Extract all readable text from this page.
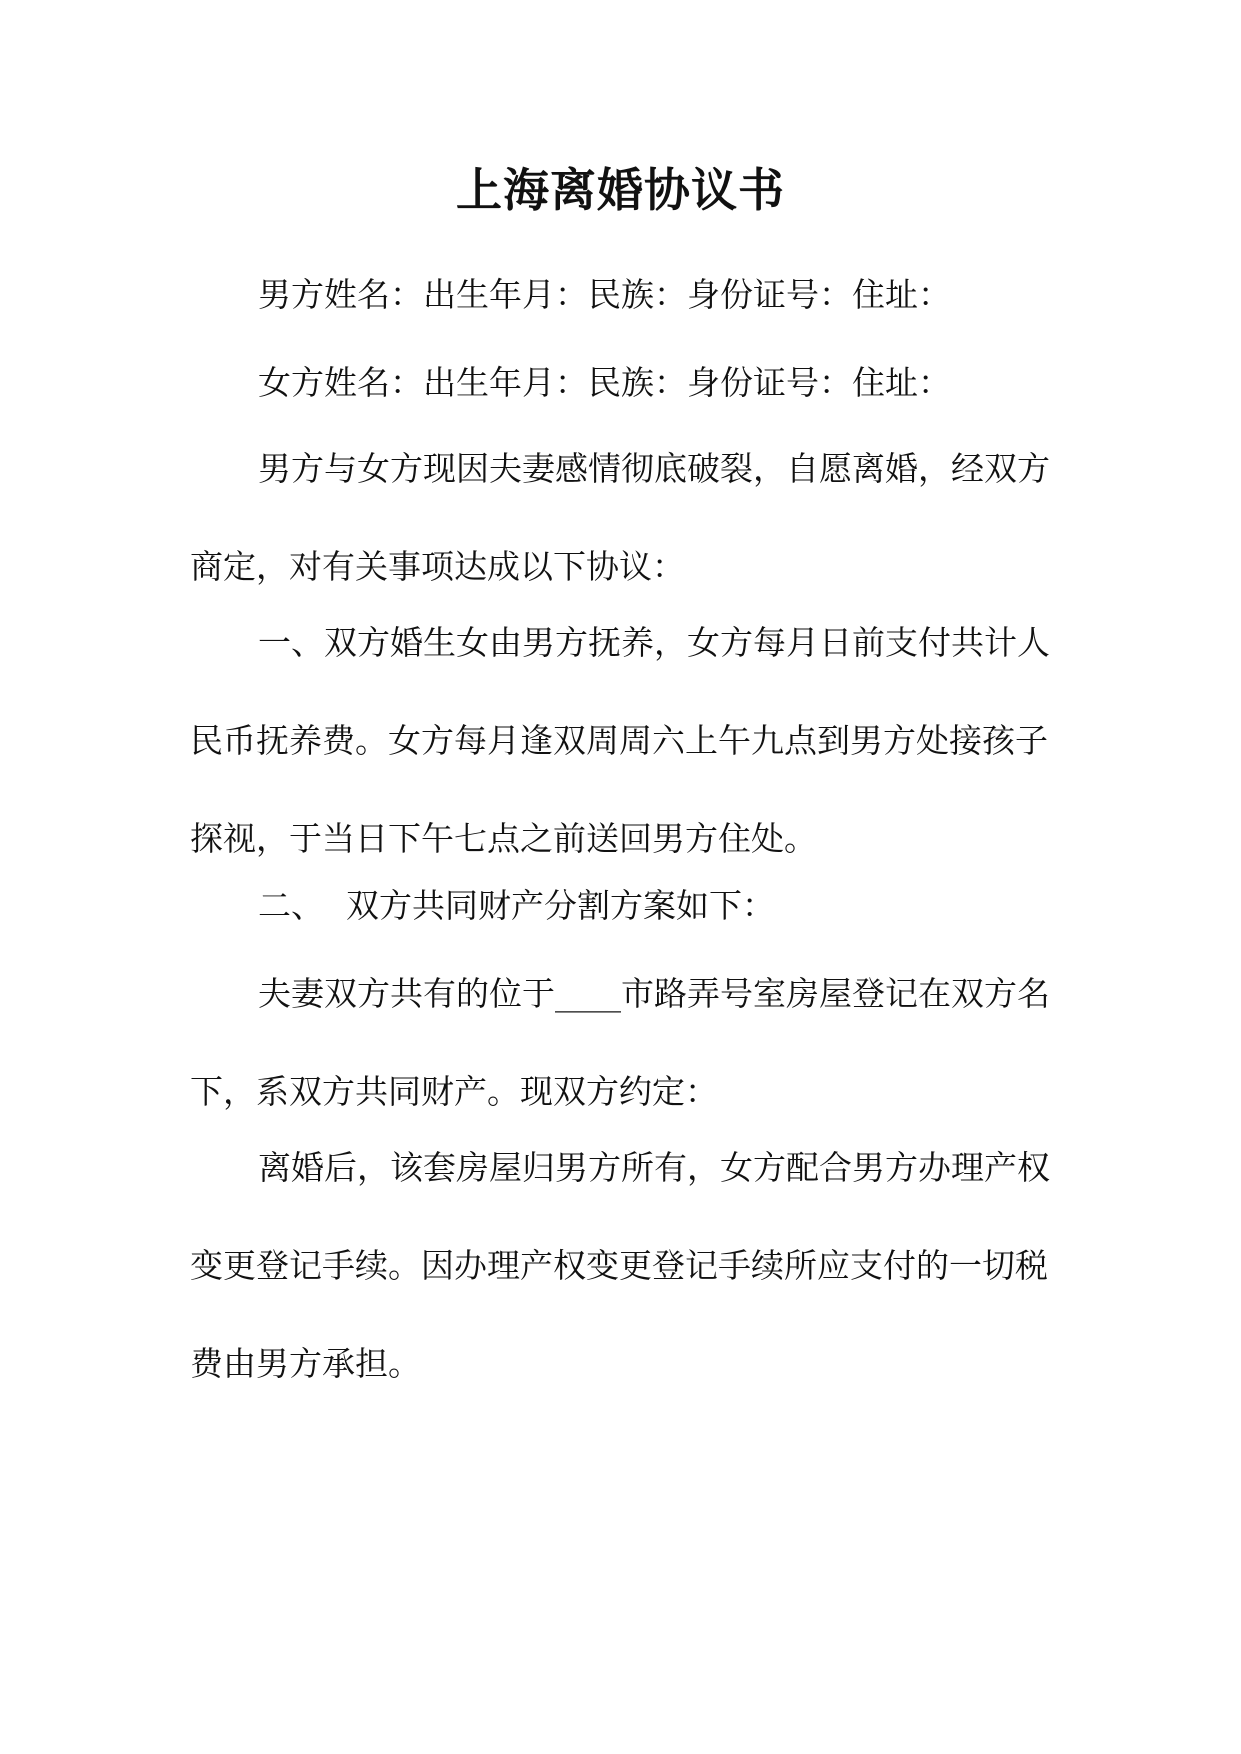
上海离婚协议书
男方姓名：出生年月：民族：身份证号：住址：
女方姓名：出生年月：民族：身份证号：住址：
男方与女方现因夫妻感情彻底破裂，自愿离婚，经双方商定，对有关事项达成以下协议：
一、双方婚生女由男方抚养，女方每月日前支付共计人民币抚养费。女方每月逢双周周六上午九点到男方处接孩子探视，于当日下午七点之前送回男方住处。
二、 双方共同财产分割方案如下：
夫妻双方共有的位于____市路弄号室房屋登记在双方名下，系双方共同财产。现双方约定：
离婚后，该套房屋归男方所有，女方配合男方办理产权变更登记手续。因办理产权变更登记手续所应支付的一切税费由男方承担。
